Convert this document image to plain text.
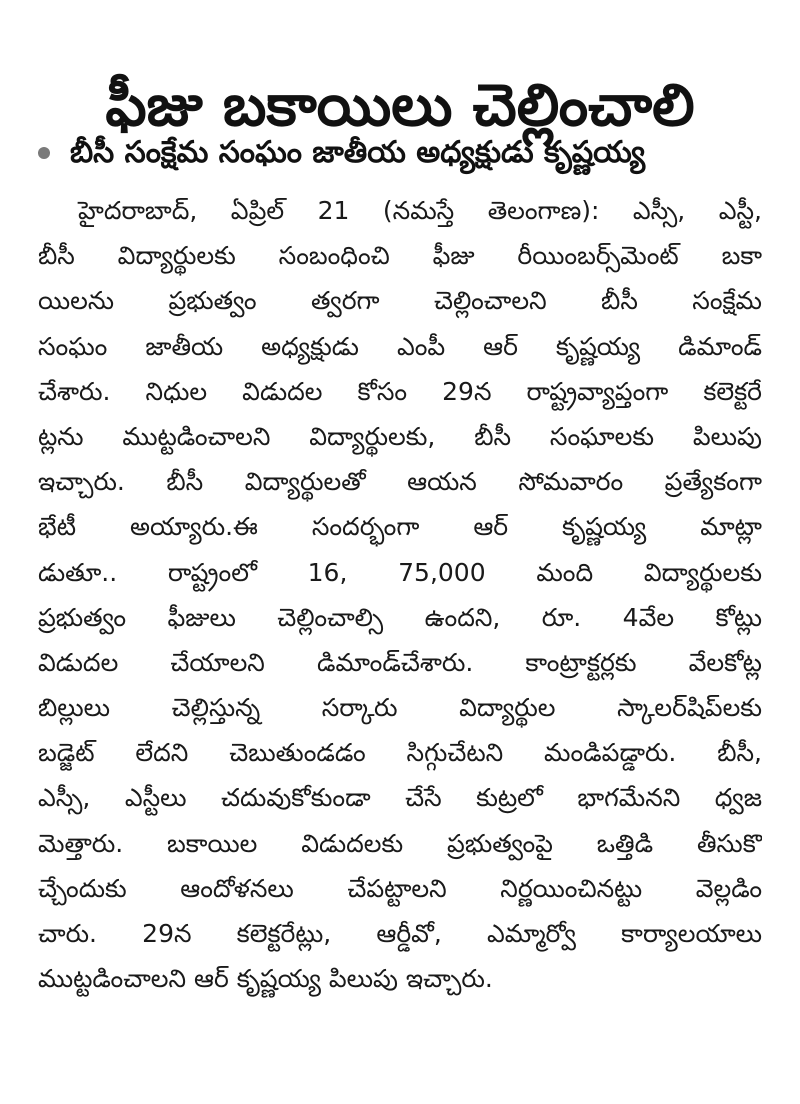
ఫీజు బకాయిలు చెల్లించాలి
బీసీ సంక్షేమ సంఘం జాతీయ అధ్యక్షుడు కృష్ణయ్య
హైదరాబాద్, ఏప్రిల్ 21 (నమస్తే తెలంగాణ): ఎస్సీ, ఎస్టీ,
బీసీ విద్యార్థులకు సంబంధించి ఫీజు రీయింబర్స్‌మెంట్ బకా
యిలను ప్రభుత్వం త్వరగా చెల్లించాలని బీసీ సంక్షేమ
సంఘం జాతీయ అధ్యక్షుడు ఎంపీ ఆర్ కృష్ణయ్య డిమాండ్
చేశారు. నిధుల విడుదల కోసం 29న రాష్ట్రవ్యాప్తంగా కలెక్టరే
ట్లను ముట్టడించాలని విద్యార్థులకు, బీసీ సంఘాలకు పిలుపు
ఇచ్చారు. బీసీ విద్యార్థులతో ఆయన సోమవారం ప్రత్యేకంగా
భేటీ అయ్యారు.ఈ సందర్భంగా ఆర్ కృష్ణయ్య మాట్లా
డుతూ.. రాష్ట్రంలో 16, 75,000 మంది విద్యార్థులకు
ప్రభుత్వం ఫీజులు చెల్లించాల్సి ఉందని, రూ. 4వేల కోట్లు
విడుదల చేయాలని డిమాండ్‌చేశారు. కాంట్రాక్టర్లకు వేలకోట్ల
బిల్లులు చెల్లిస్తున్న సర్కారు విద్యార్థుల స్కాలర్‌షిప్‌లకు
బడ్జెట్ లేదని చెబుతుండడం సిగ్గుచేటని మండిపడ్డారు. బీసీ,
ఎస్సీ, ఎస్టీలు చదువుకోకుండా చేసే కుట్రలో భాగమేనని ధ్వజ
మెత్తారు. బకాయిల విడుదలకు ప్రభుత్వంపై ఒత్తిడి తీసుకొ
చ్చేందుకు ఆందోళనలు చేపట్టాలని నిర్ణయించినట్టు వెల్లడిం
చారు. 29న కలెక్టరేట్లు, ఆర్డీవో, ఎమ్మార్వో కార్యాలయాలు
ముట్టడించాలని ఆర్ కృష్ణయ్య పిలుపు ఇచ్చారు.
